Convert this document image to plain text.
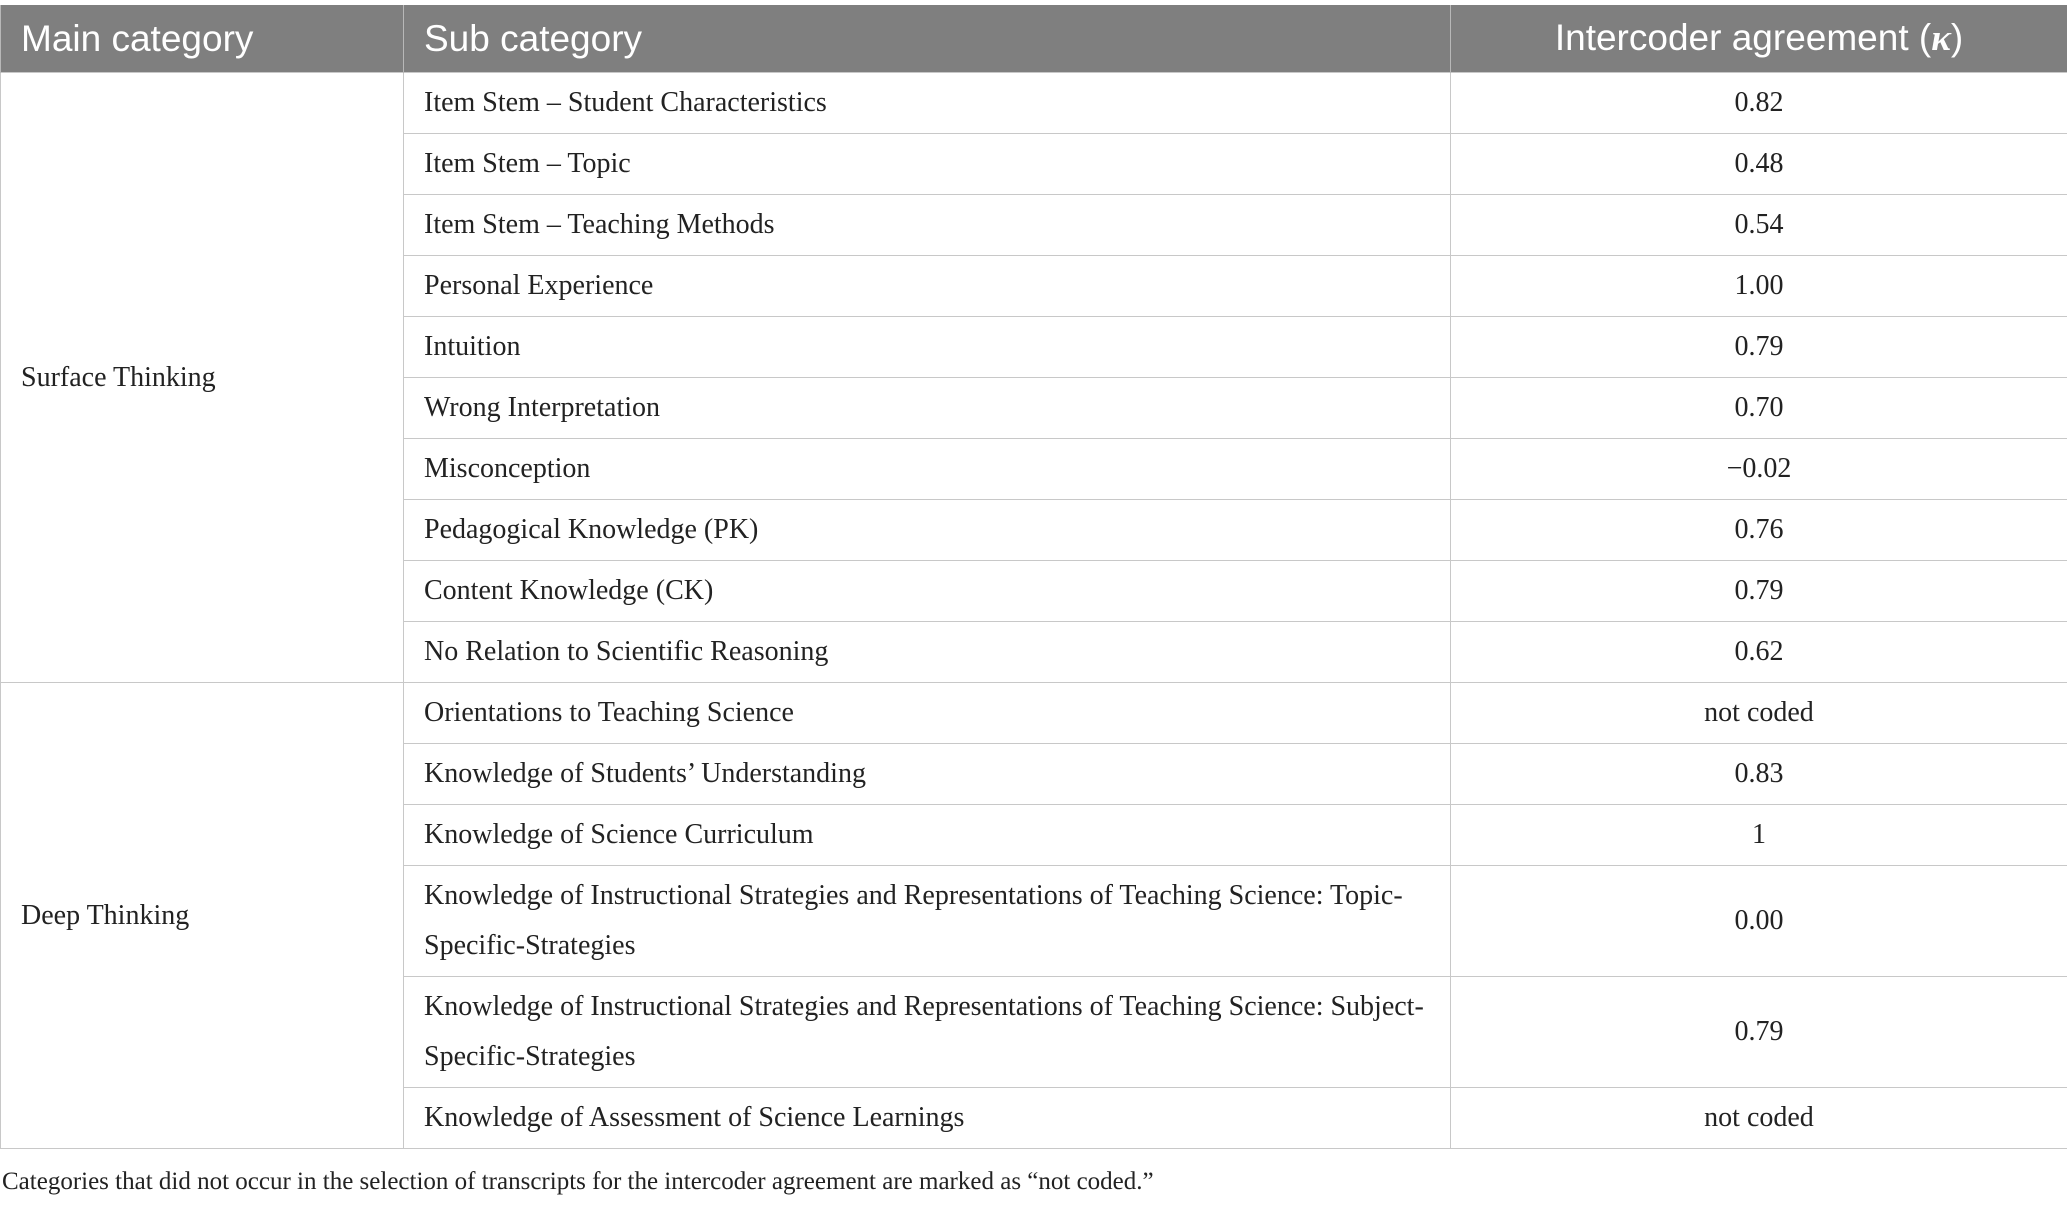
Main category	Sub category	Intercoder agreement (κ)
Surface Thinking	Item Stem – Student Characteristics	0.82
	Item Stem – Topic	0.48
	Item Stem – Teaching Methods	0.54
	Personal Experience	1.00
	Intuition	0.79
	Wrong Interpretation	0.70
	Misconception	−0.02
	Pedagogical Knowledge (PK)	0.76
	Content Knowledge (CK)	0.79
	No Relation to Scientific Reasoning	0.62
Deep Thinking	Orientations to Teaching Science	not coded
	Knowledge of Students’ Understanding	0.83
	Knowledge of Science Curriculum	1
	Knowledge of Instructional Strategies and Representations of Teaching Science: Topic-Specific-Strategies	0.00
	Knowledge of Instructional Strategies and Representations of Teaching Science: Subject-Specific-Strategies	0.79
	Knowledge of Assessment of Science Learnings	not coded
Categories that did not occur in the selection of transcripts for the intercoder agreement are marked as “not coded.”
